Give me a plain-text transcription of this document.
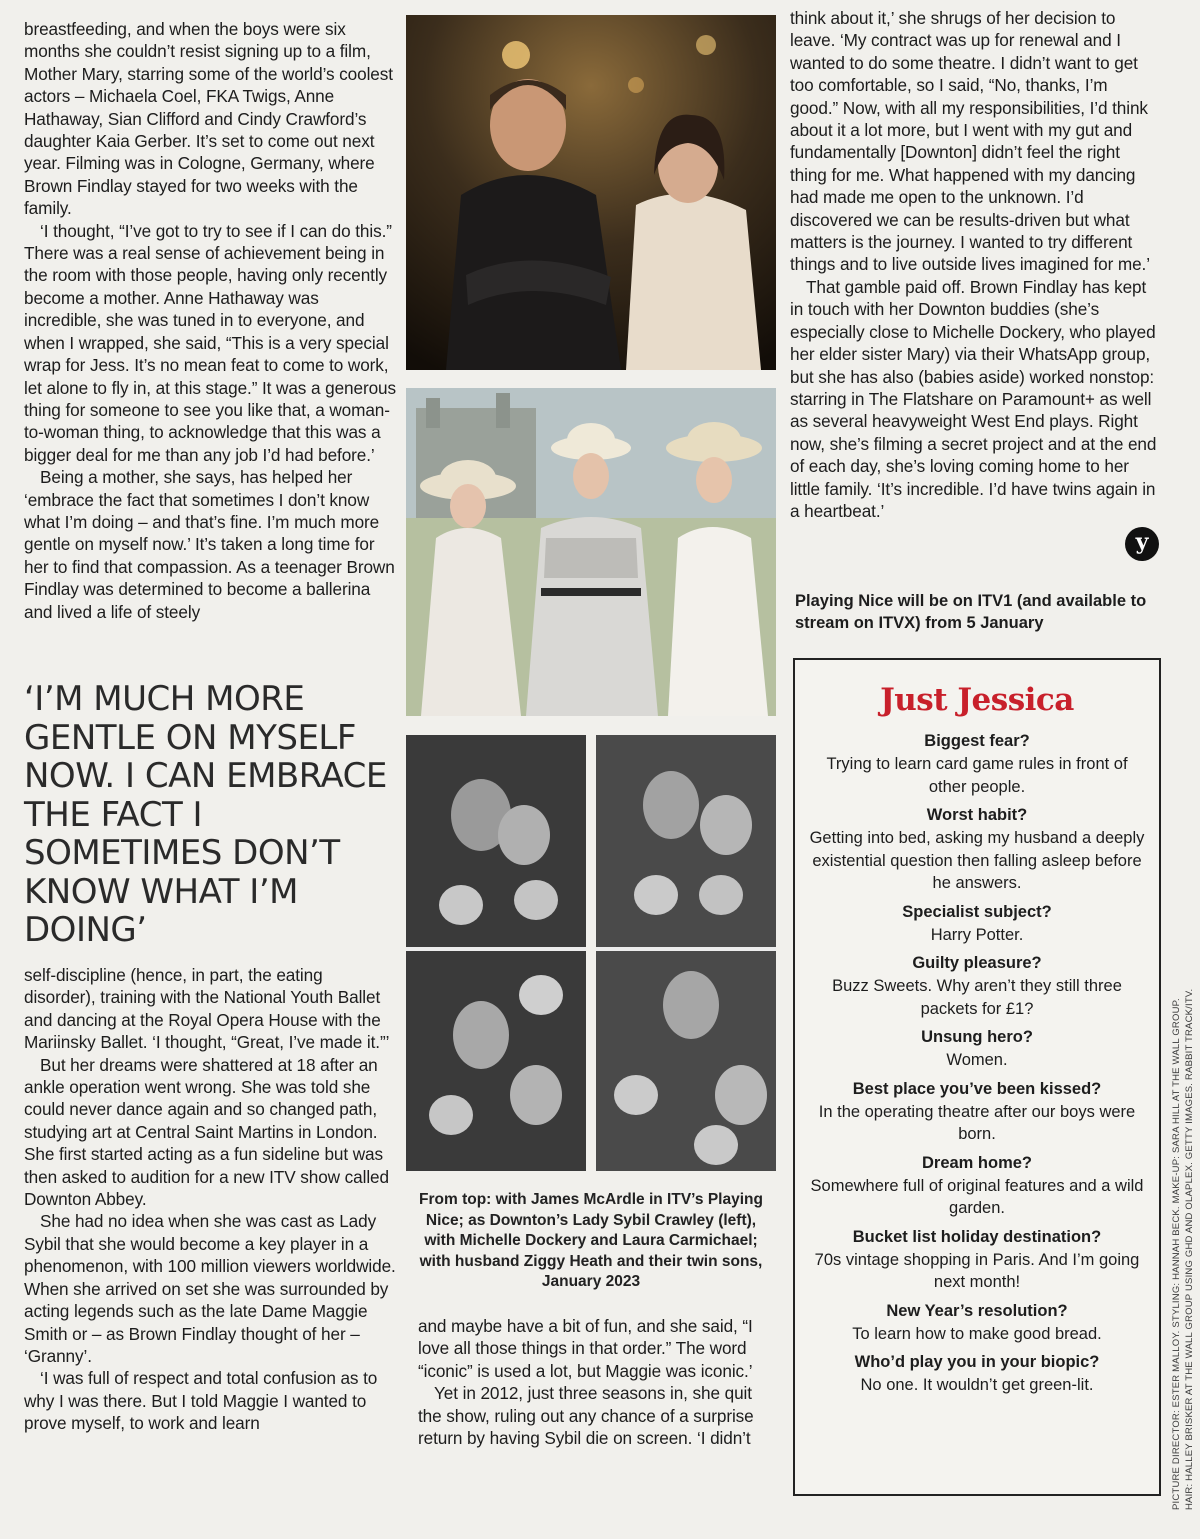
breastfeeding, and when the boys were six months she couldn’t resist signing up to a film, Mother Mary, starring some of the world’s coolest actors – Michaela Coel, FKA Twigs, Anne Hathaway, Sian Clifford and Cindy Crawford’s daughter Kaia Gerber. It’s set to come out next year. Filming was in Cologne, Germany, where Brown Findlay stayed for two weeks with the family.

‘I thought, “I’ve got to try to see if I can do this.” There was a real sense of achievement being in the room with those people, having only recently become a mother. Anne Hathaway was incredible, she was tuned in to everyone, and when I wrapped, she said, “This is a very special wrap for Jess. It’s no mean feat to come to work, let alone to fly in, at this stage.” It was a generous thing for someone to see you like that, a woman-to-woman thing, to acknowledge that this was a bigger deal for me than any job I’d had before.’

Being a mother, she says, has helped her ‘embrace the fact that sometimes I don’t know what I’m doing – and that’s fine. I’m much more gentle on myself now.’ It’s taken a long time for her to find that compassion. As a teenager Brown Findlay was determined to become a ballerina and lived a life of steely

‘I’M MUCH MORE GENTLE ON MYSELF NOW. I CAN EMBRACE THE FACT I SOMETIMES DON’T KNOW WHAT I’M DOING’

self-discipline (hence, in part, the eating disorder), training with the National Youth Ballet and dancing at the Royal Opera House with the Mariinsky Ballet. ‘I thought, “Great, I’ve made it.”’

But her dreams were shattered at 18 after an ankle operation went wrong. She was told she could never dance again and so changed path, studying art at Central Saint Martins in London. She first started acting as a fun sideline but was then asked to audition for a new ITV show called Downton Abbey.

She had no idea when she was cast as Lady Sybil that she would become a key player in a phenomenon, with 100 million viewers worldwide. When she arrived on set she was surrounded by acting legends such as the late Dame Maggie Smith or – as Brown Findlay thought of her – ‘Granny’.

‘I was full of respect and total confusion as to why I was there. But I told Maggie I wanted to prove myself, to work and learn

From top: with James McArdle in ITV’s Playing Nice; as Downton’s Lady Sybil Crawley (left), with Michelle Dockery and Laura Carmichael; with husband Ziggy Heath and their twin sons, January 2023

and maybe have a bit of fun, and she said, “I love all those things in that order.” The word “iconic” is used a lot, but Maggie was iconic.’

Yet in 2012, just three seasons in, she quit the show, ruling out any chance of a surprise return by having Sybil die on screen. ‘I didn’t

think about it,’ she shrugs of her decision to leave. ‘My contract was up for renewal and I wanted to do some theatre. I didn’t want to get too comfortable, so I said, “No, thanks, I’m good.” Now, with all my responsibilities, I’d think about it a lot more, but I went with my gut and fundamentally [Downton] didn’t feel the right thing for me. What happened with my dancing had made me open to the unknown. I’d discovered we can be results-driven but what matters is the journey. I wanted to try different things and to live outside lives imagined for me.’

That gamble paid off. Brown Findlay has kept in touch with her Downton buddies (she’s especially close to Michelle Dockery, who played her elder sister Mary) via their WhatsApp group, but she has also (babies aside) worked nonstop: starring in The Flatshare on Paramount+ as well as several heavyweight West End plays. Right now, she’s filming a secret project and at the end of each day, she’s loving coming home to her little family. ‘It’s incredible. I’d have twins again in a heartbeat.’

y
Playing Nice will be on ITV1 (and available to stream on ITVX) from 5 January
Just Jessica
Biggest fear?
Trying to learn card game rules in front of other people.
Worst habit?
Getting into bed, asking my husband a deeply existential question then falling asleep before he answers.
Specialist subject?
Harry Potter.
Guilty pleasure?
Buzz Sweets. Why aren’t they still three packets for £1?
Unsung hero?
Women.
Best place you’ve been kissed?
In the operating theatre after our boys were born.
Dream home?
Somewhere full of original features and a wild garden.
Bucket list holiday destination?
70s vintage shopping in Paris. And I’m going next month!
New Year’s resolution?
To learn how to make good bread.
Who’d play you in your biopic?
No one. It wouldn’t get green-lit.	PICTURE DIRECTOR: ESTER MALLOY. STYLING: HANNAH BECK. MAKE-UP: SARA HILL AT THE WALL GROUP. HAIR: HALLEY BRISKER AT THE WALL GROUP USING GHD AND OLAPLEX. GETTY IMAGES. RABBIT TRACK/ITV.
